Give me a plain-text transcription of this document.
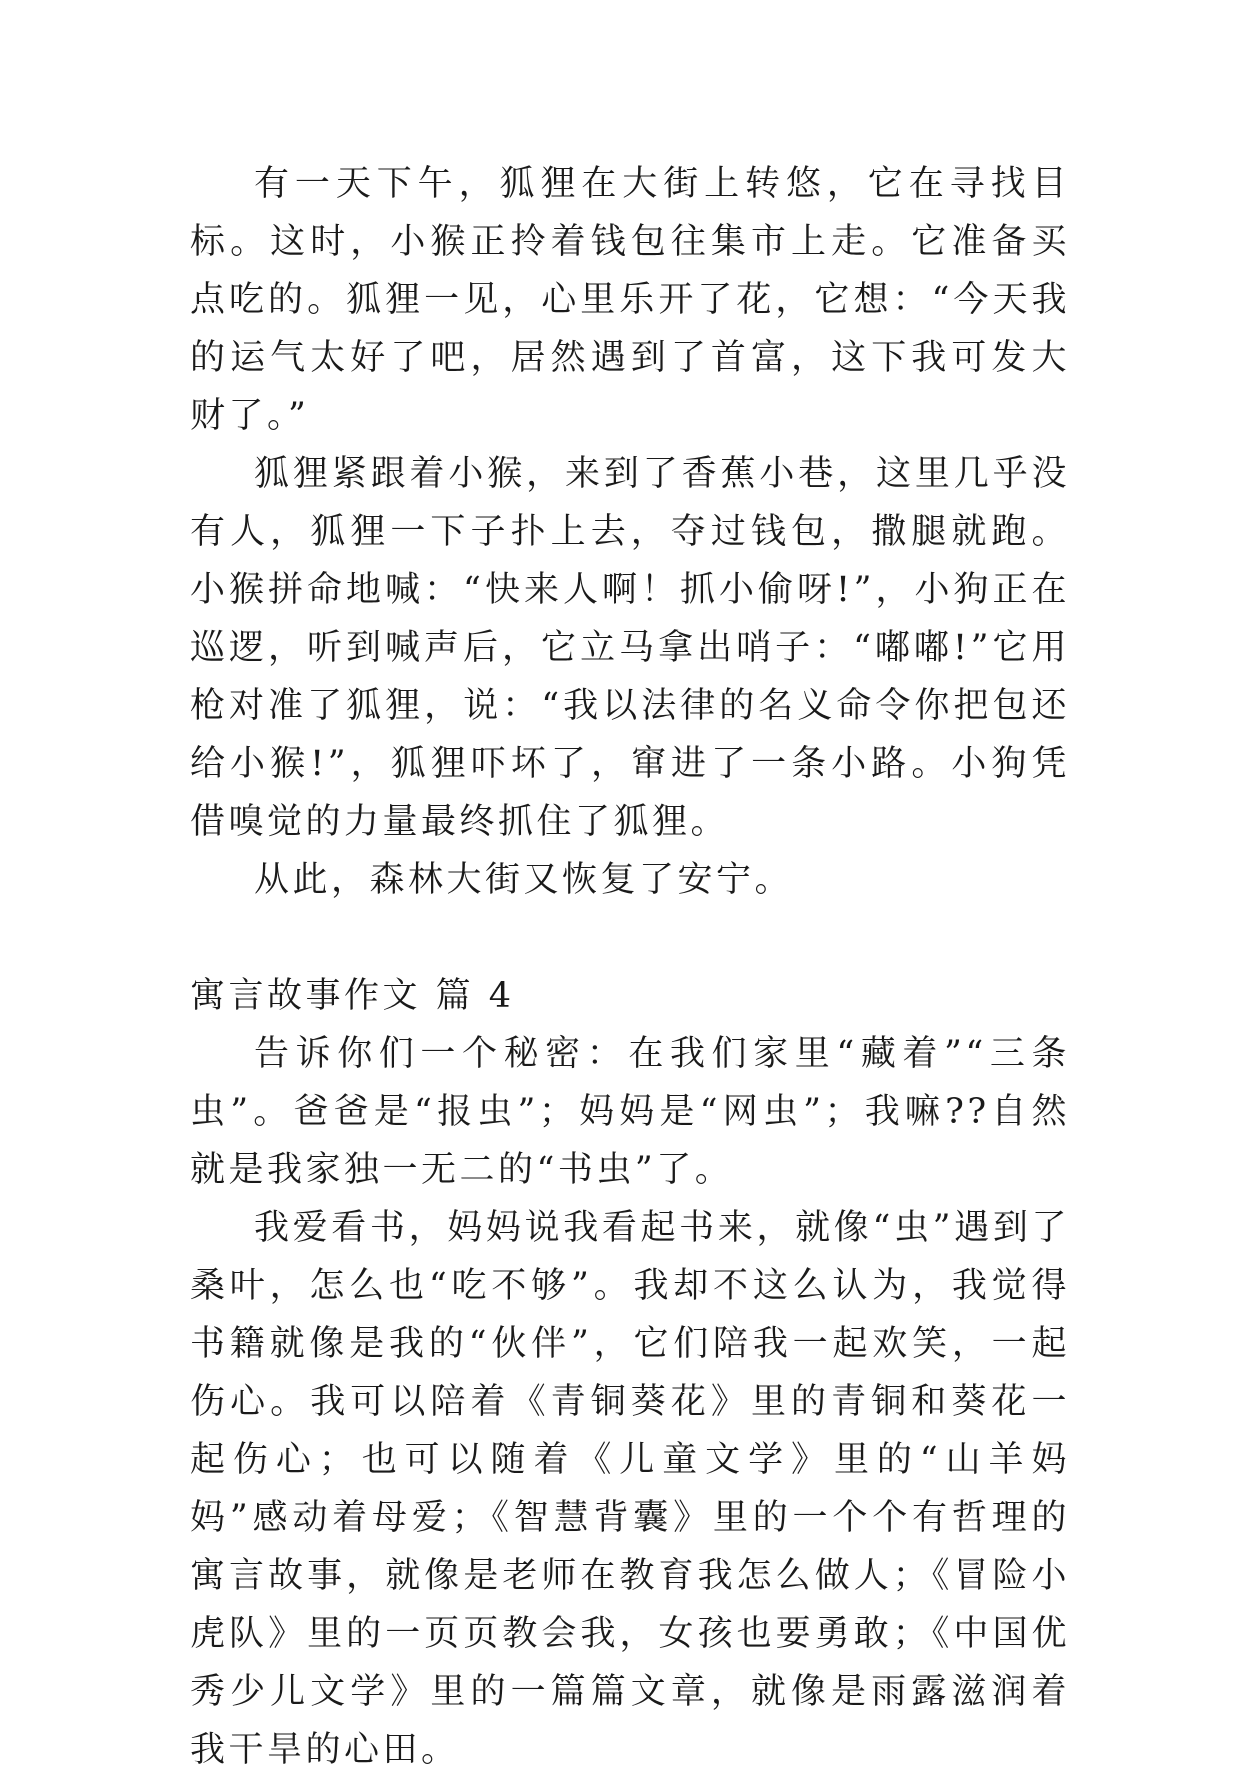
有一天下午，狐狸在大街上转悠，它在寻找目标。这时，小猴正拎着钱包往集市上走。它准备买点吃的。狐狸一见，心里乐开了花，它想：“今天我的运气太好了吧，居然遇到了首富，这下我可发大财了。”

狐狸紧跟着小猴，来到了香蕉小巷，这里几乎没有人，狐狸一下子扑上去，夺过钱包，撒腿就跑。小猴拼命地喊：“快来人啊！抓小偷呀!”，小狗正在巡逻，听到喊声后，它立马拿出哨子：“嘟嘟!”它用枪对准了狐狸，说：“我以法律的名义命令你把包还给小猴!”，狐狸吓坏了，窜进了一条小路。小狗凭借嗅觉的力量最终抓住了狐狸。

从此，森林大街又恢复了安宁。

寓言故事作文 篇 4

告诉你们一个秘密：在我们家里“藏着”“三条虫”。爸爸是“报虫”；妈妈是“网虫”；我嘛??自然就是我家独一无二的“书虫”了。

我爱看书，妈妈说我看起书来，就像“虫”遇到了桑叶，怎么也“吃不够”。我却不这么认为，我觉得书籍就像是我的“伙伴”，它们陪我一起欢笑，一起伤心。我可以陪着《青铜葵花》里的青铜和葵花一起伤心；也可以随着《儿童文学》里的“山羊妈妈”感动着母爱；《智慧背囊》里的一个个有哲理的寓言故事，就像是老师在教育我怎么做人；《冒险小虎队》里的一页页教会我，女孩也要勇敢；《中国优秀少儿文学》里的一篇篇文章，就像是雨露滋润着我干旱的心田。
